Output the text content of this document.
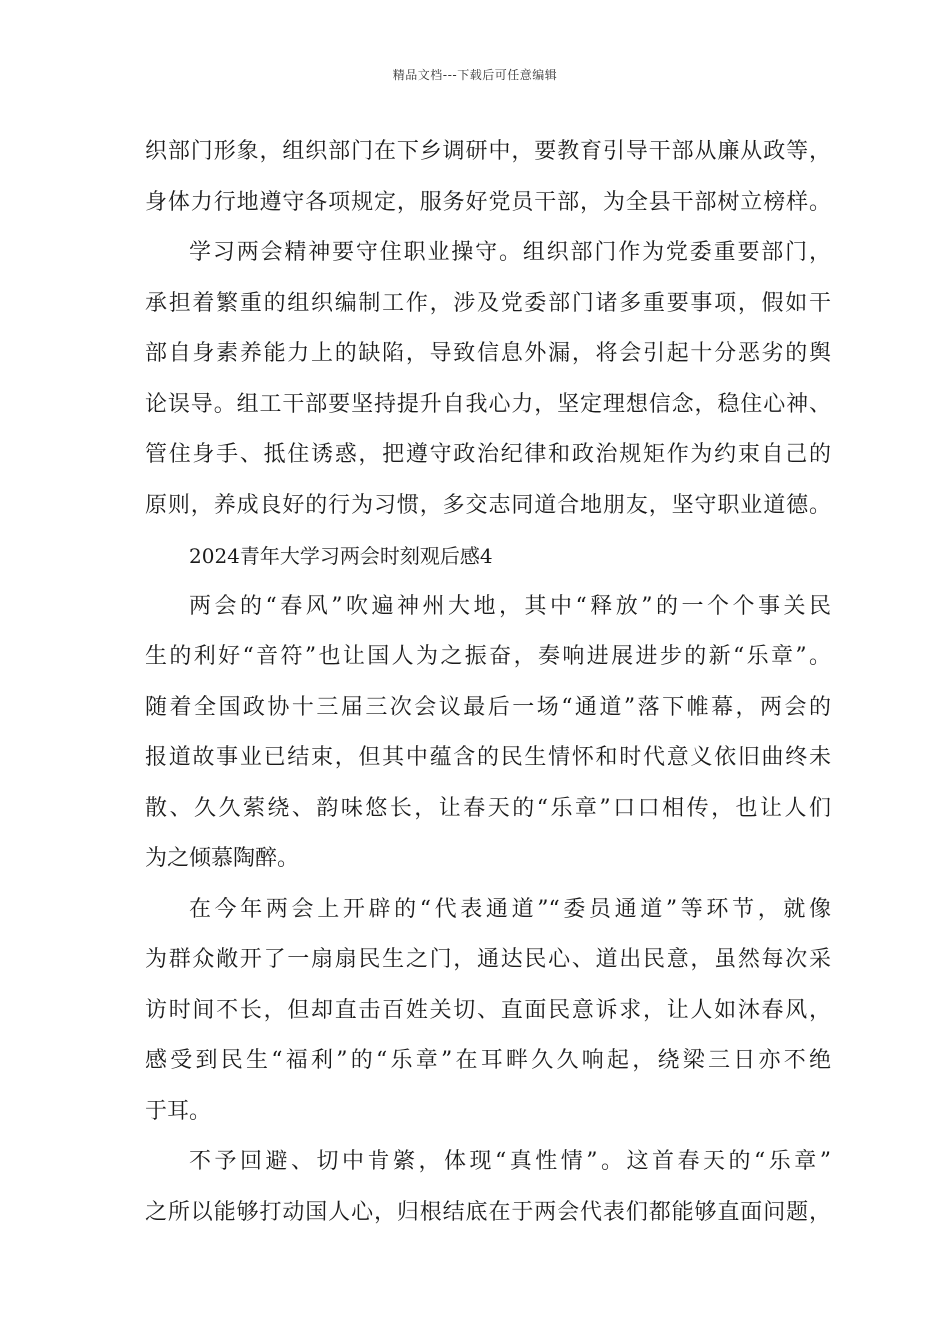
精品文档---下载后可任意编辑
织部门形象，组织部门在下乡调研中，要教育引导干部从廉从政等，
身体力行地遵守各项规定，服务好党员干部，为全县干部树立榜样。
学习两会精神要守住职业操守。组织部门作为党委重要部门，
承担着繁重的组织编制工作，涉及党委部门诸多重要事项，假如干
部自身素养能力上的缺陷，导致信息外漏，将会引起十分恶劣的舆
论误导。组工干部要坚持提升自我心力，坚定理想信念，稳住心神、
管住身手、抵住诱惑，把遵守政治纪律和政治规矩作为约束自己的
原则，养成良好的行为习惯，多交志同道合地朋友，坚守职业道德。
2024青年大学习两会时刻观后感4
两会的“春风”吹遍神州大地，其中“释放”的一个个事关民
生的利好“音符”也让国人为之振奋，奏响进展进步的新“乐章”。
随着全国政协十三届三次会议最后一场“通道”落下帷幕，两会的
报道故事业已结束，但其中蕴含的民生情怀和时代意义依旧曲终未
散、久久萦绕、韵味悠长，让春天的“乐章”口口相传，也让人们
为之倾慕陶醉。
在今年两会上开辟的“代表通道”“委员通道”等环节，就像
为群众敞开了一扇扇民生之门，通达民心、道出民意，虽然每次采
访时间不长，但却直击百姓关切、直面民意诉求，让人如沐春风，
感受到民生“福利”的“乐章”在耳畔久久响起，绕梁三日亦不绝
于耳。
不予回避、切中肯綮，体现“真性情”。这首春天的“乐章”
之所以能够打动国人心，归根结底在于两会代表们都能够直面问题，
